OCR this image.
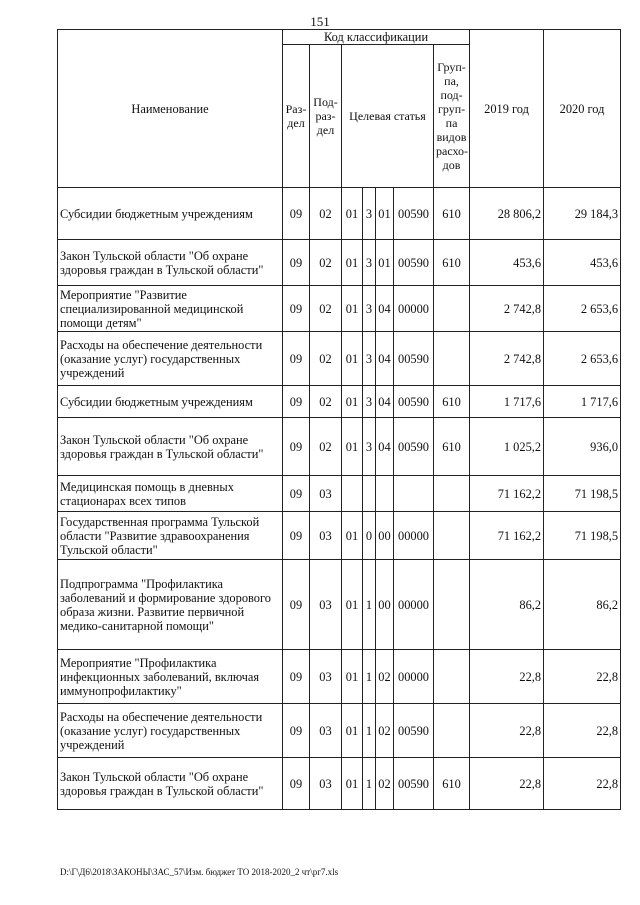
151
Наименование	Код классификации							2019 год	2020 год
	Раз- дел	Под- раз- дел	Целевая статья				Груп- па, под- груп- па видов расхо- дов		
Субсидии бюджетным учреждениям	09	02	01	3	01	00590	610	28 806,2	29 184,3
Закон Тульской области "Об охране здоровья граждан в Тульской области"	09	02	01	3	01	00590	610	453,6	453,6
Мероприятие "Развитие специализированной медицинской помощи детям"	09	02	01	3	04	00000		2 742,8	2 653,6
Расходы на обеспечение деятельности (оказание услуг) государственных учреждений	09	02	01	3	04	00590		2 742,8	2 653,6
Субсидии бюджетным учреждениям	09	02	01	3	04	00590	610	1 717,6	1 717,6
Закон Тульской области "Об охране здоровья граждан в Тульской области"	09	02	01	3	04	00590	610	1 025,2	936,0
Медицинская помощь в дневных стационарах всех типов	09	03						71 162,2	71 198,5
Государственная программа Тульской области "Развитие здравоохранения Тульской области"	09	03	01	0	00	00000		71 162,2	71 198,5
Подпрограмма "Профилактика заболеваний и формирование здорового образа жизни. Развитие первичной медико-санитарной помощи"	09	03	01	1	00	00000		86,2	86,2
Мероприятие "Профилактика инфекционных заболеваний, включая иммунопрофилактику"	09	03	01	1	02	00000		22,8	22,8
Расходы на обеспечение деятельности (оказание услуг) государственных учреждений	09	03	01	1	02	00590		22,8	22,8
Закон Тульской области "Об охране здоровья граждан в Тульской области"	09	03	01	1	02	00590	610	22,8	22,8
D:\Г\Д6\2018\ЗАКОНЫ\ЗАС_57\Изм. бюджет ТО 2018-2020_2 чт\рг7.xls
